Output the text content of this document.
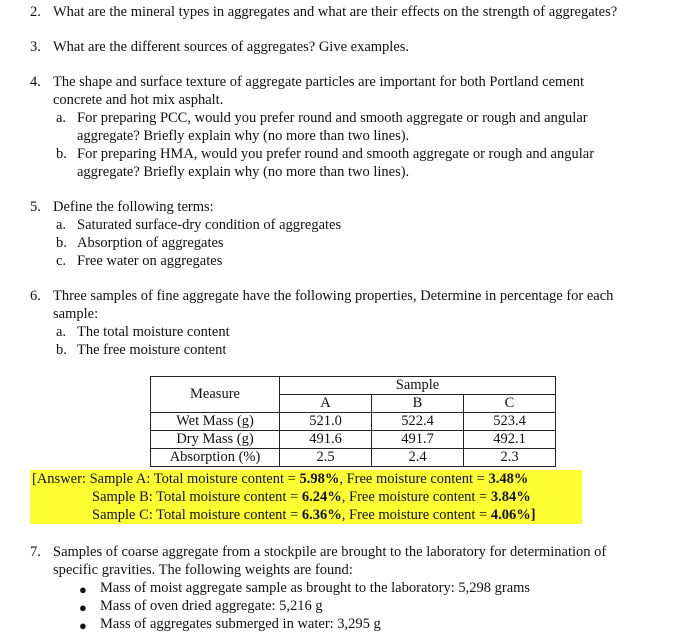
2. What are the mineral types in aggregates and what are their effects on the strength of aggregates?
3. What are the different sources of aggregates? Give examples.
4. The shape and surface texture of aggregate particles are important for both Portland cement
concrete and hot mix asphalt.
a. For preparing PCC, would you prefer round and smooth aggregate or rough and angular
aggregate? Briefly explain why (no more than two lines).
b. For preparing HMA, would you prefer round and smooth aggregate or rough and angular
aggregate? Briefly explain why (no more than two lines).
5. Define the following terms:
a. Saturated surface-dry condition of aggregates
b. Absorption of aggregates
c. Free water on aggregates
6. Three samples of fine aggregate have the following properties, Determine in percentage for each
sample:
a. The total moisture content
b. The free moisture content
Measure	Sample		
	A	B	C
Wet Mass (g)	521.0	522.4	523.4
Dry Mass (g)	491.6	491.7	492.1
Absorption (%)	2.5	2.4	2.3
[Answer: Sample A: Total moisture content = 5.98%, Free moisture content = 3.48%
Sample B: Total moisture content = 6.24%, Free moisture content = 3.84%
Sample C: Total moisture content = 6.36%, Free moisture content = 4.06%]
7. Samples of coarse aggregate from a stockpile are brought to the laboratory for determination of
specific gravities. The following weights are found:
● Mass of moist aggregate sample as brought to the laboratory: 5,298 grams
● Mass of oven dried aggregate: 5,216 g
● Mass of aggregates submerged in water: 3,295 g
